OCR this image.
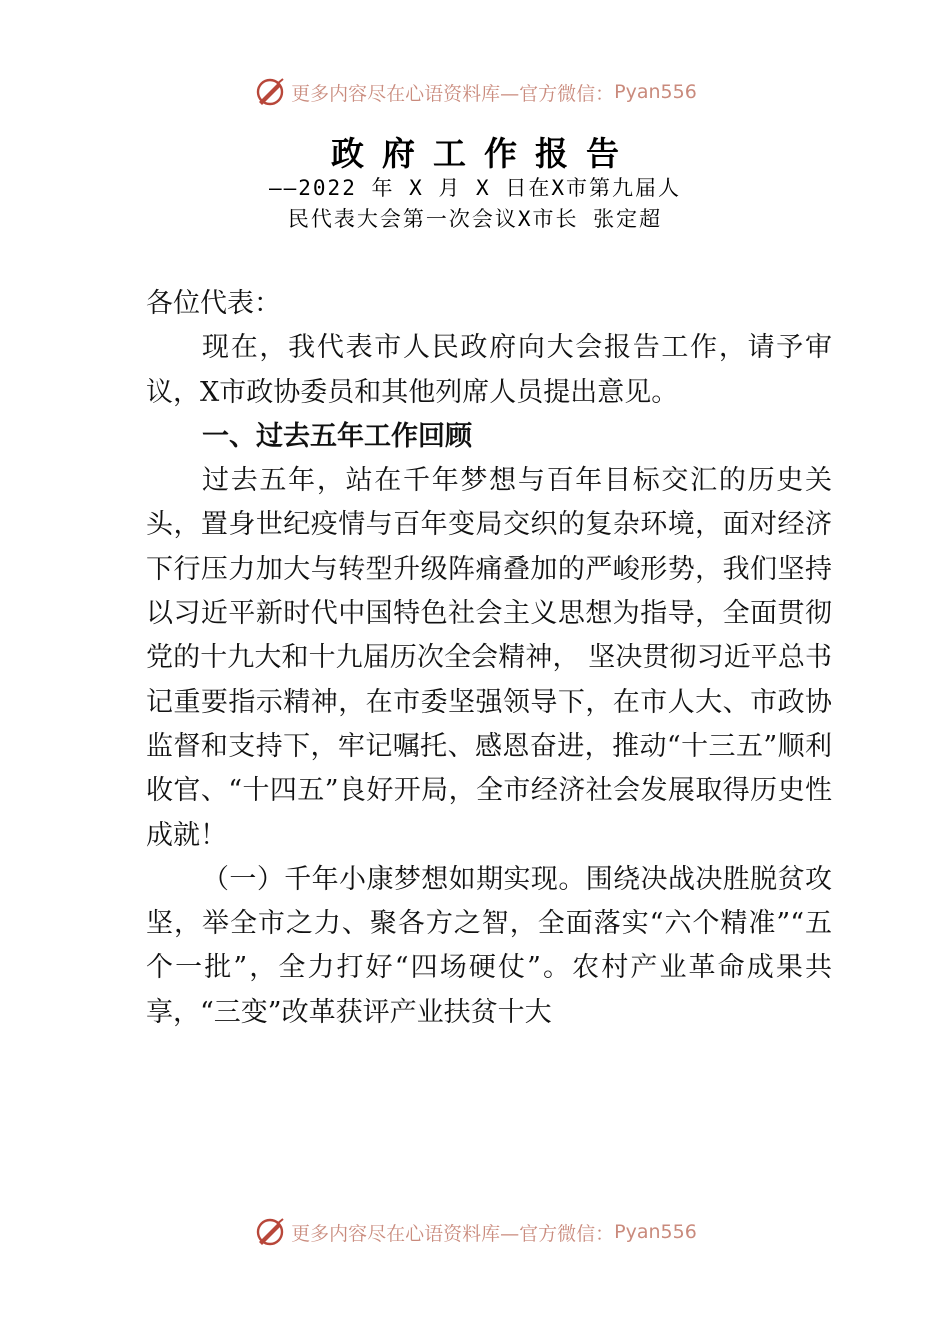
更多内容尽在心语资料库—官方微信： Pyan556
政府工作报告
——2022 年 X 月 X 日在X市第九届人
民代表大会第一次会议X市长 张定超

各位代表：

现在，我代表市人民政府向大会报告工作，请予审议，X市政协委员和其他列席人员提出意见。

一、过去五年工作回顾

过去五年，站在千年梦想与百年目标交汇的历史关头，置身世纪疫情与百年变局交织的复杂环境，面对经济下行压力加大与转型升级阵痛叠加的严峻形势，我们坚持以习近平新时代中国特色社会主义思想为指导，全面贯彻党的十九大和十九届历次全会精神， 坚决贯彻习近平总书记重要指示精神，在市委坚强领导下，在市人大、市政协监督和支持下，牢记嘱托、感恩奋进，推动“十三五”顺利收官、“十四五”良好开局，全市经济社会发展取得历史性成就！

（一）千年小康梦想如期实现。围绕决战决胜脱贫攻坚，举全市之力、聚各方之智，全面落实“六个精准”“五个一批”，全力打好“四场硬仗”。农村产业革命成果共享，“三变”改革获评产业扶贫十大

更多内容尽在心语资料库—官方微信： Pyan556
